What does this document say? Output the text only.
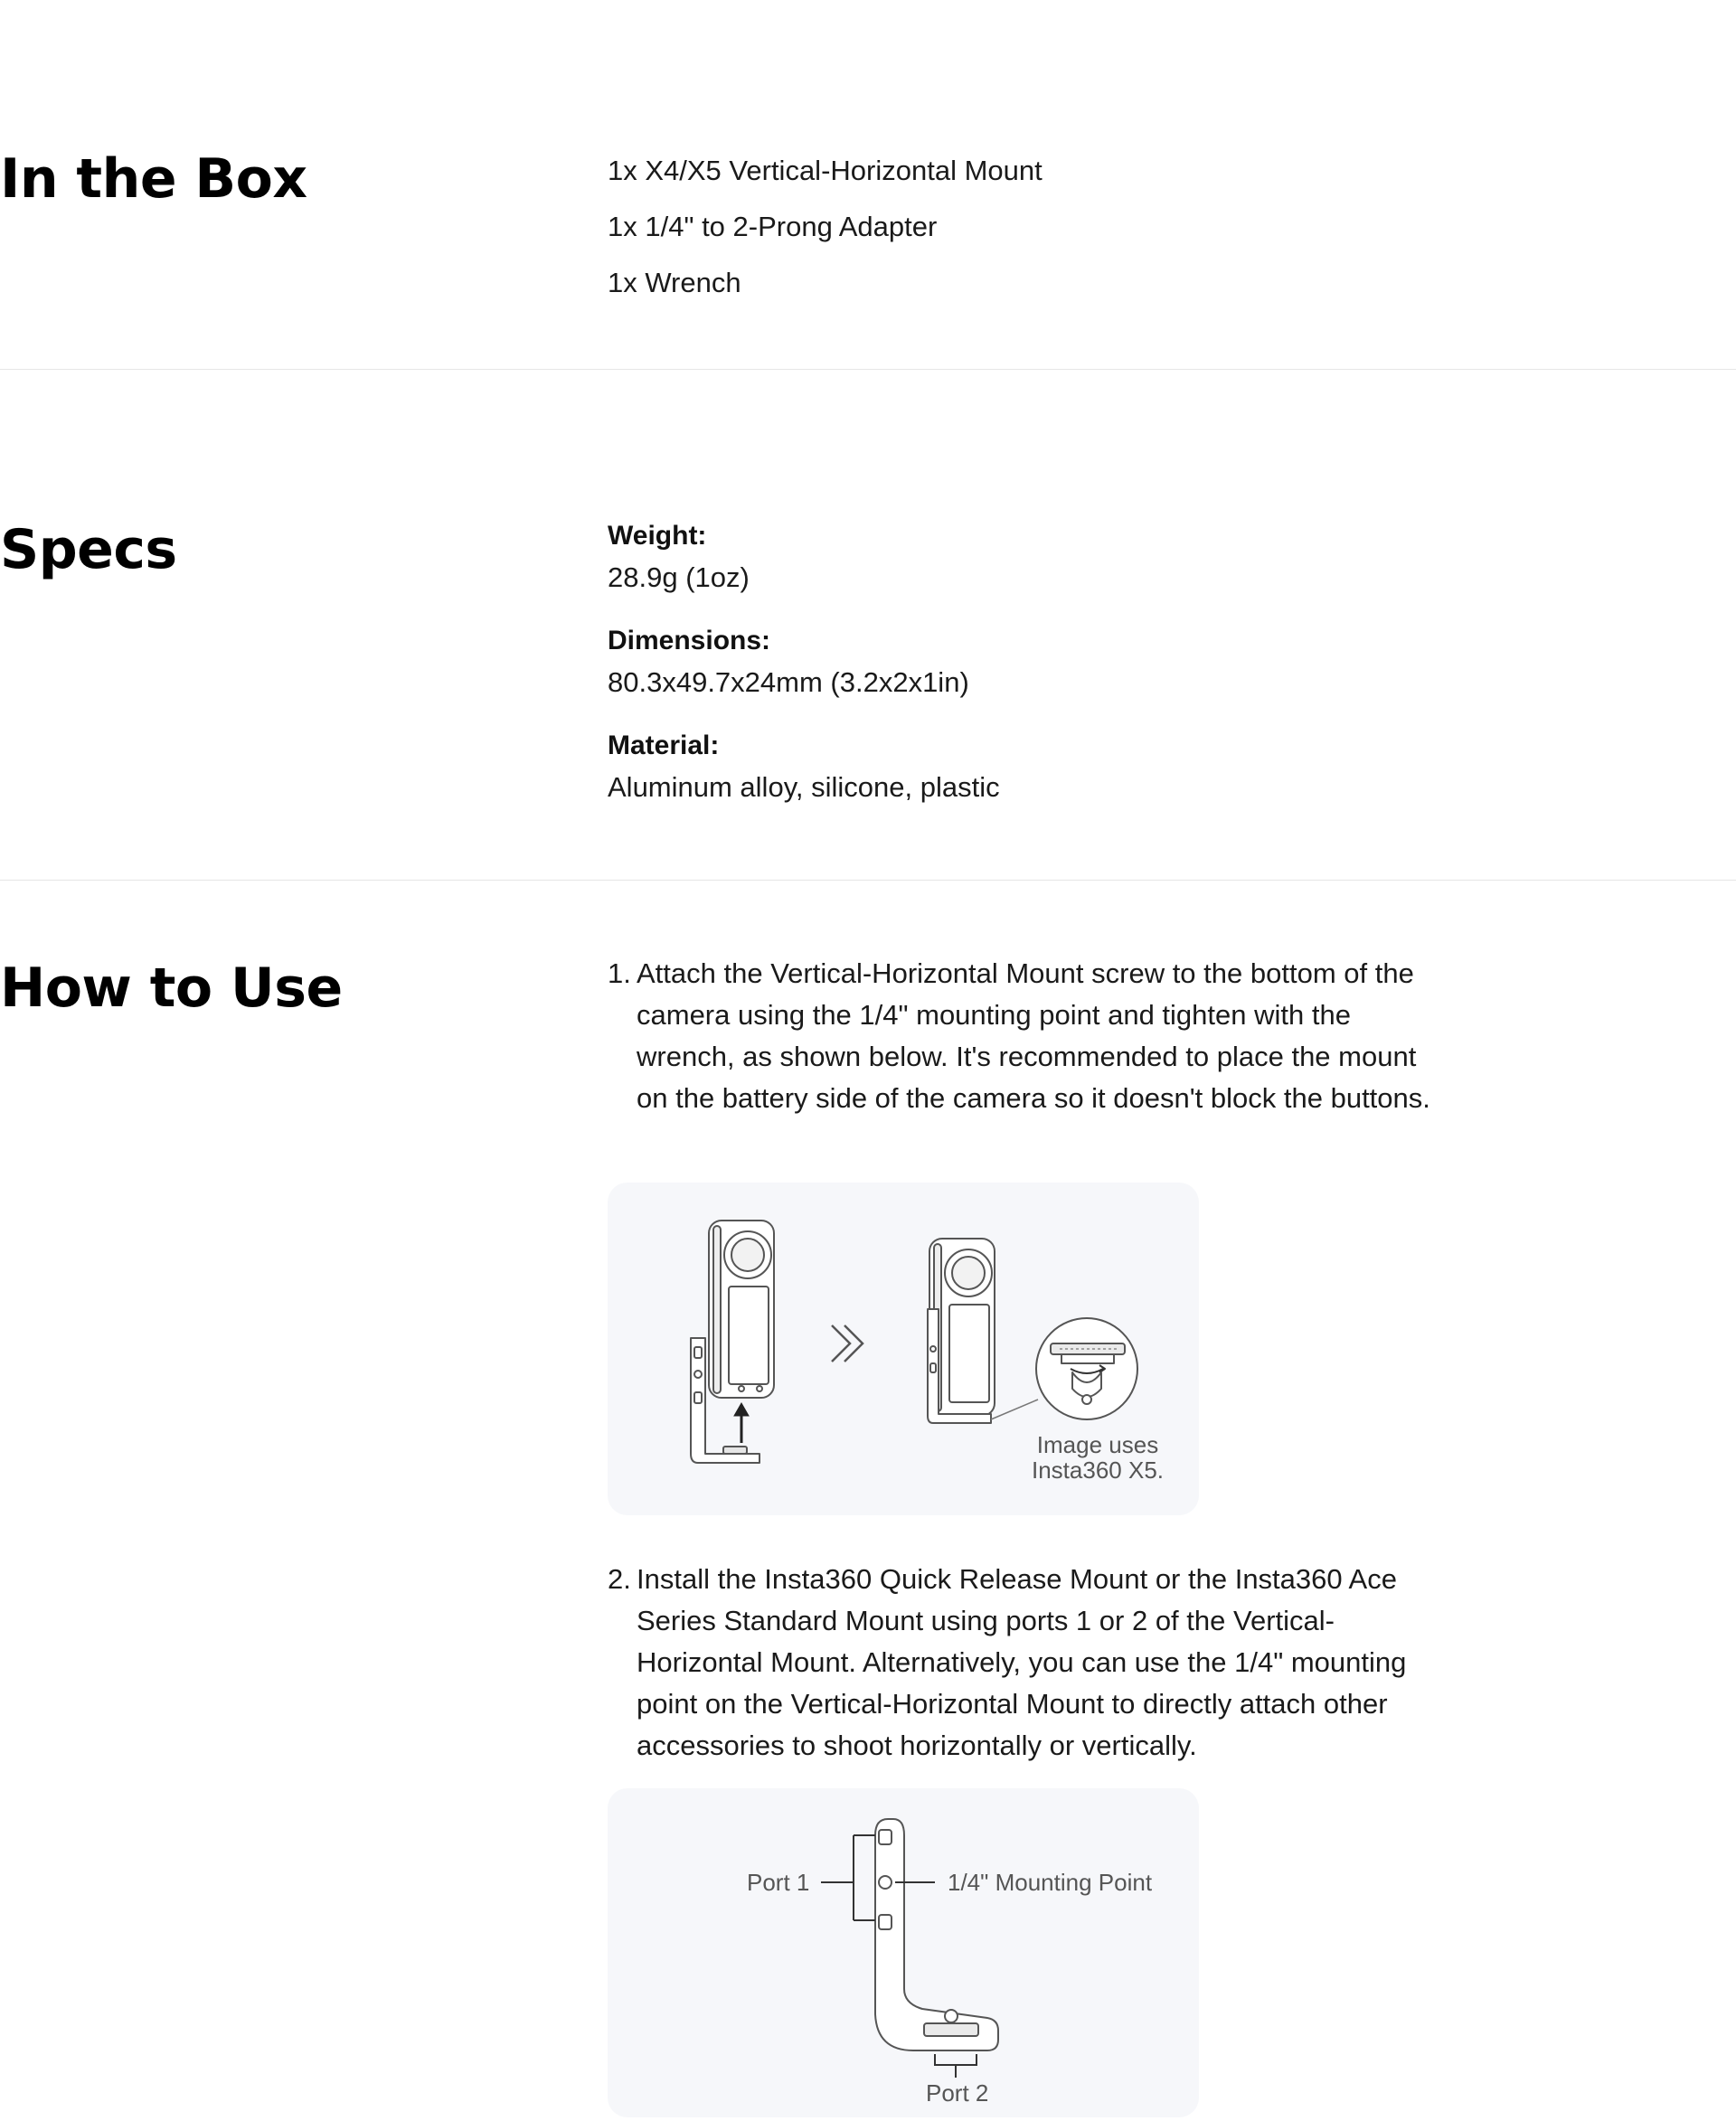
In the Box	1x X4/X5 Vertical-Horizontal Mount
1x 1/4" to 2-Prong Adapter
1x Wrench
Specs	Weight:
28.9g (1oz)
Dimensions:
80.3x49.7x24mm (3.2x2x1in)
Material:
Aluminum alloy, silicone, plastic
How to Use	1. Attach the Vertical-Horizontal Mount screw to the bottom of the camera using the 1/4" mounting point and tighten with the wrench, as shown below. It's recommended to place the mount on the battery side of the camera so it doesn't block the buttons.
Image uses
Insta360 X5.
2. Install the Insta360 Quick Release Mount or the Insta360 Ace Series Standard Mount using ports 1 or 2 of the Vertical-Horizontal Mount. Alternatively, you can use the 1/4" mounting point on the Vertical-Horizontal Mount to directly attach other accessories to shoot horizontally or vertically.
Port 1	1/4" Mounting Point
Port 2
